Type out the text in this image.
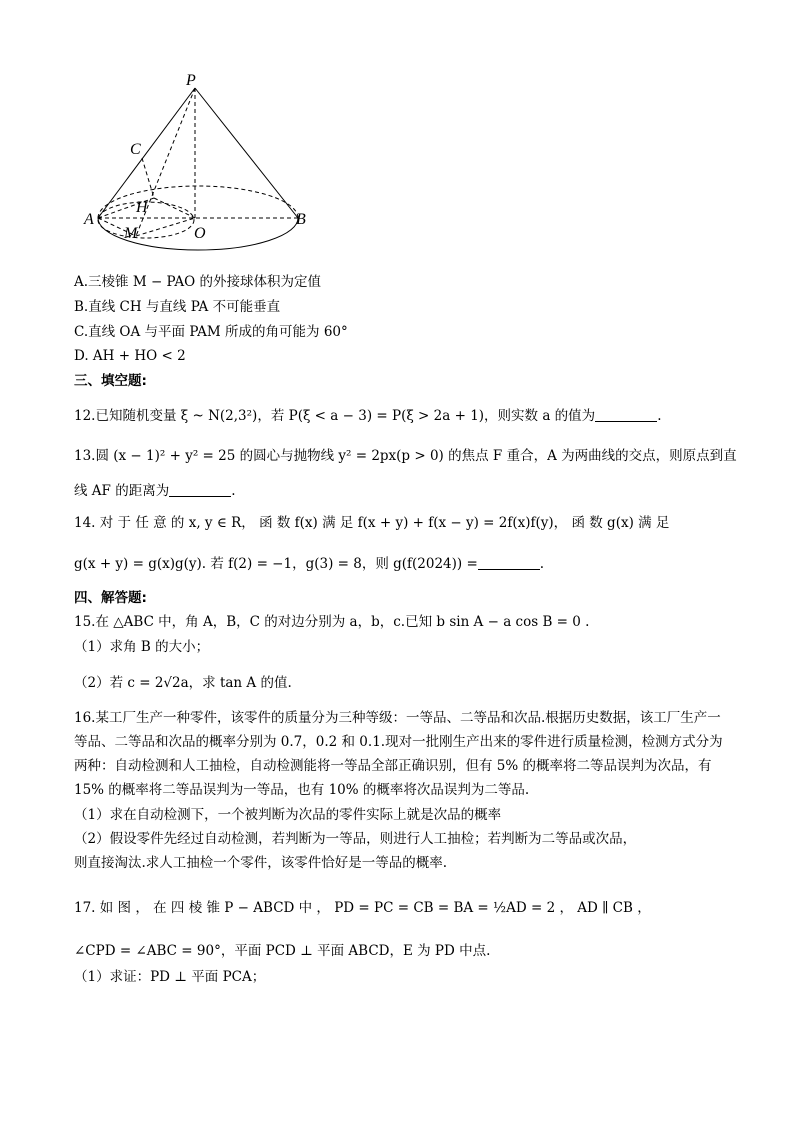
P
C
H
A
M	O
B
A.三棱锥 M − PAO 的外接球体积为定值
B.直线 CH 与直线 PA 不可能垂直
C.直线 OA 与平面 PAM 所成的角可能为 60°
D. AH + HO < 2
三、填空题:
12.已知随机变量 ξ ~ N(2,3²)，若 P(ξ < a − 3) = P(ξ > 2a + 1)，则实数 a 的值为	.
13.圆 (x − 1)² + y² = 25 的圆心与抛物线 y² = 2px(p > 0) 的焦点 F 重合，A 为两曲线的交点，则原点到直
线 AF 的距离为	.
14. 对 于 任 意 的 x, y ∈ R， 函 数 f(x) 满 足 f(x + y) + f(x − y) = 2f(x)f(y)， 函 数 g(x) 满 足
g(x + y) = g(x)g(y). 若 f(2) = −1，g(3) = 8，则 g(f(2024)) =	.
四、解答题:
15.在 △ABC 中，角 A，B，C 的对边分别为 a，b，c.已知 b sin A − a cos B = 0 .
（1）求角 B 的大小；
（2）若 c = 2√2a，求 tan A 的值.
16.某工厂生产一种零件，该零件的质量分为三种等级：一等品、二等品和次品.根据历史数据，该工厂生产一等品、二等品和次品的概率分别为 0.7，0.2 和 0.1.现对一批刚生产出来的零件进行质量检测，检测方式分为两种：自动检测和人工抽检，自动检测能将一等品全部正确识别，但有 5% 的概率将二等品误判为次品，有 15% 的概率将二等品误判为一等品，也有 10% 的概率将次品误判为二等品.
（1）求在自动检测下，一个被判断为次品的零件实际上就是次品的概率
（2）假设零件先经过自动检测，若判断为一等品，则进行人工抽检；若判断为二等品或次品，
则直接淘汰.求人工抽检一个零件，该零件恰好是一等品的概率.
17. 如 图 ， 在 四 棱 锥 P − ABCD 中 ， PD = PC = CB = BA = ½AD = 2 ， AD ∥ CB ，
∠CPD = ∠ABC = 90°，平面 PCD ⊥ 平面 ABCD，E 为 PD 中点.
（1）求证：PD ⊥ 平面 PCA；
